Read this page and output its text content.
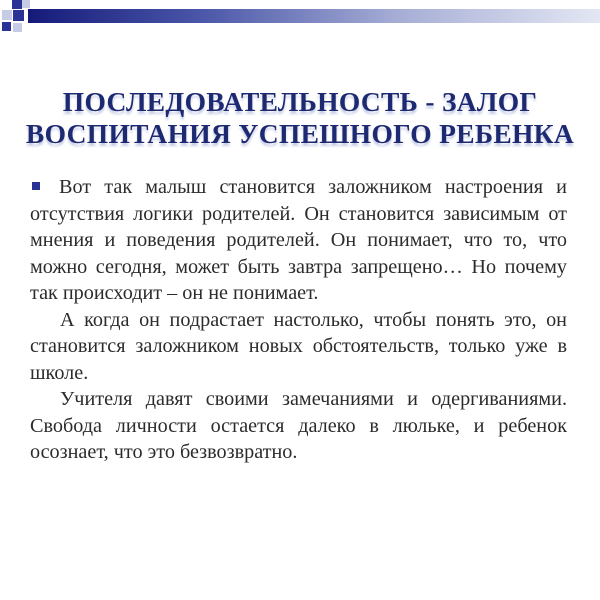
ПОСЛЕДОВАТЕЛЬНОСТЬ - ЗАЛОГ
ВОСПИТАНИЯ УСПЕШНОГО РЕБЕНКА

Вот так малыш становится заложником настроения и отсутствия логики родителей. Он становится зависимым от мнения и поведения родителей. Он понимает, что то, что можно сегодня, может быть завтра запрещено… Но почему так происходит – он не понимает.

А когда он подрастает настолько, чтобы понять это, он становится заложником новых обстоятельств, только уже в школе.

Учителя давят своими замечаниями и одергиваниями. Свобода личности остается далеко в люльке, и ребенок осознает, что это безвозвратно.
